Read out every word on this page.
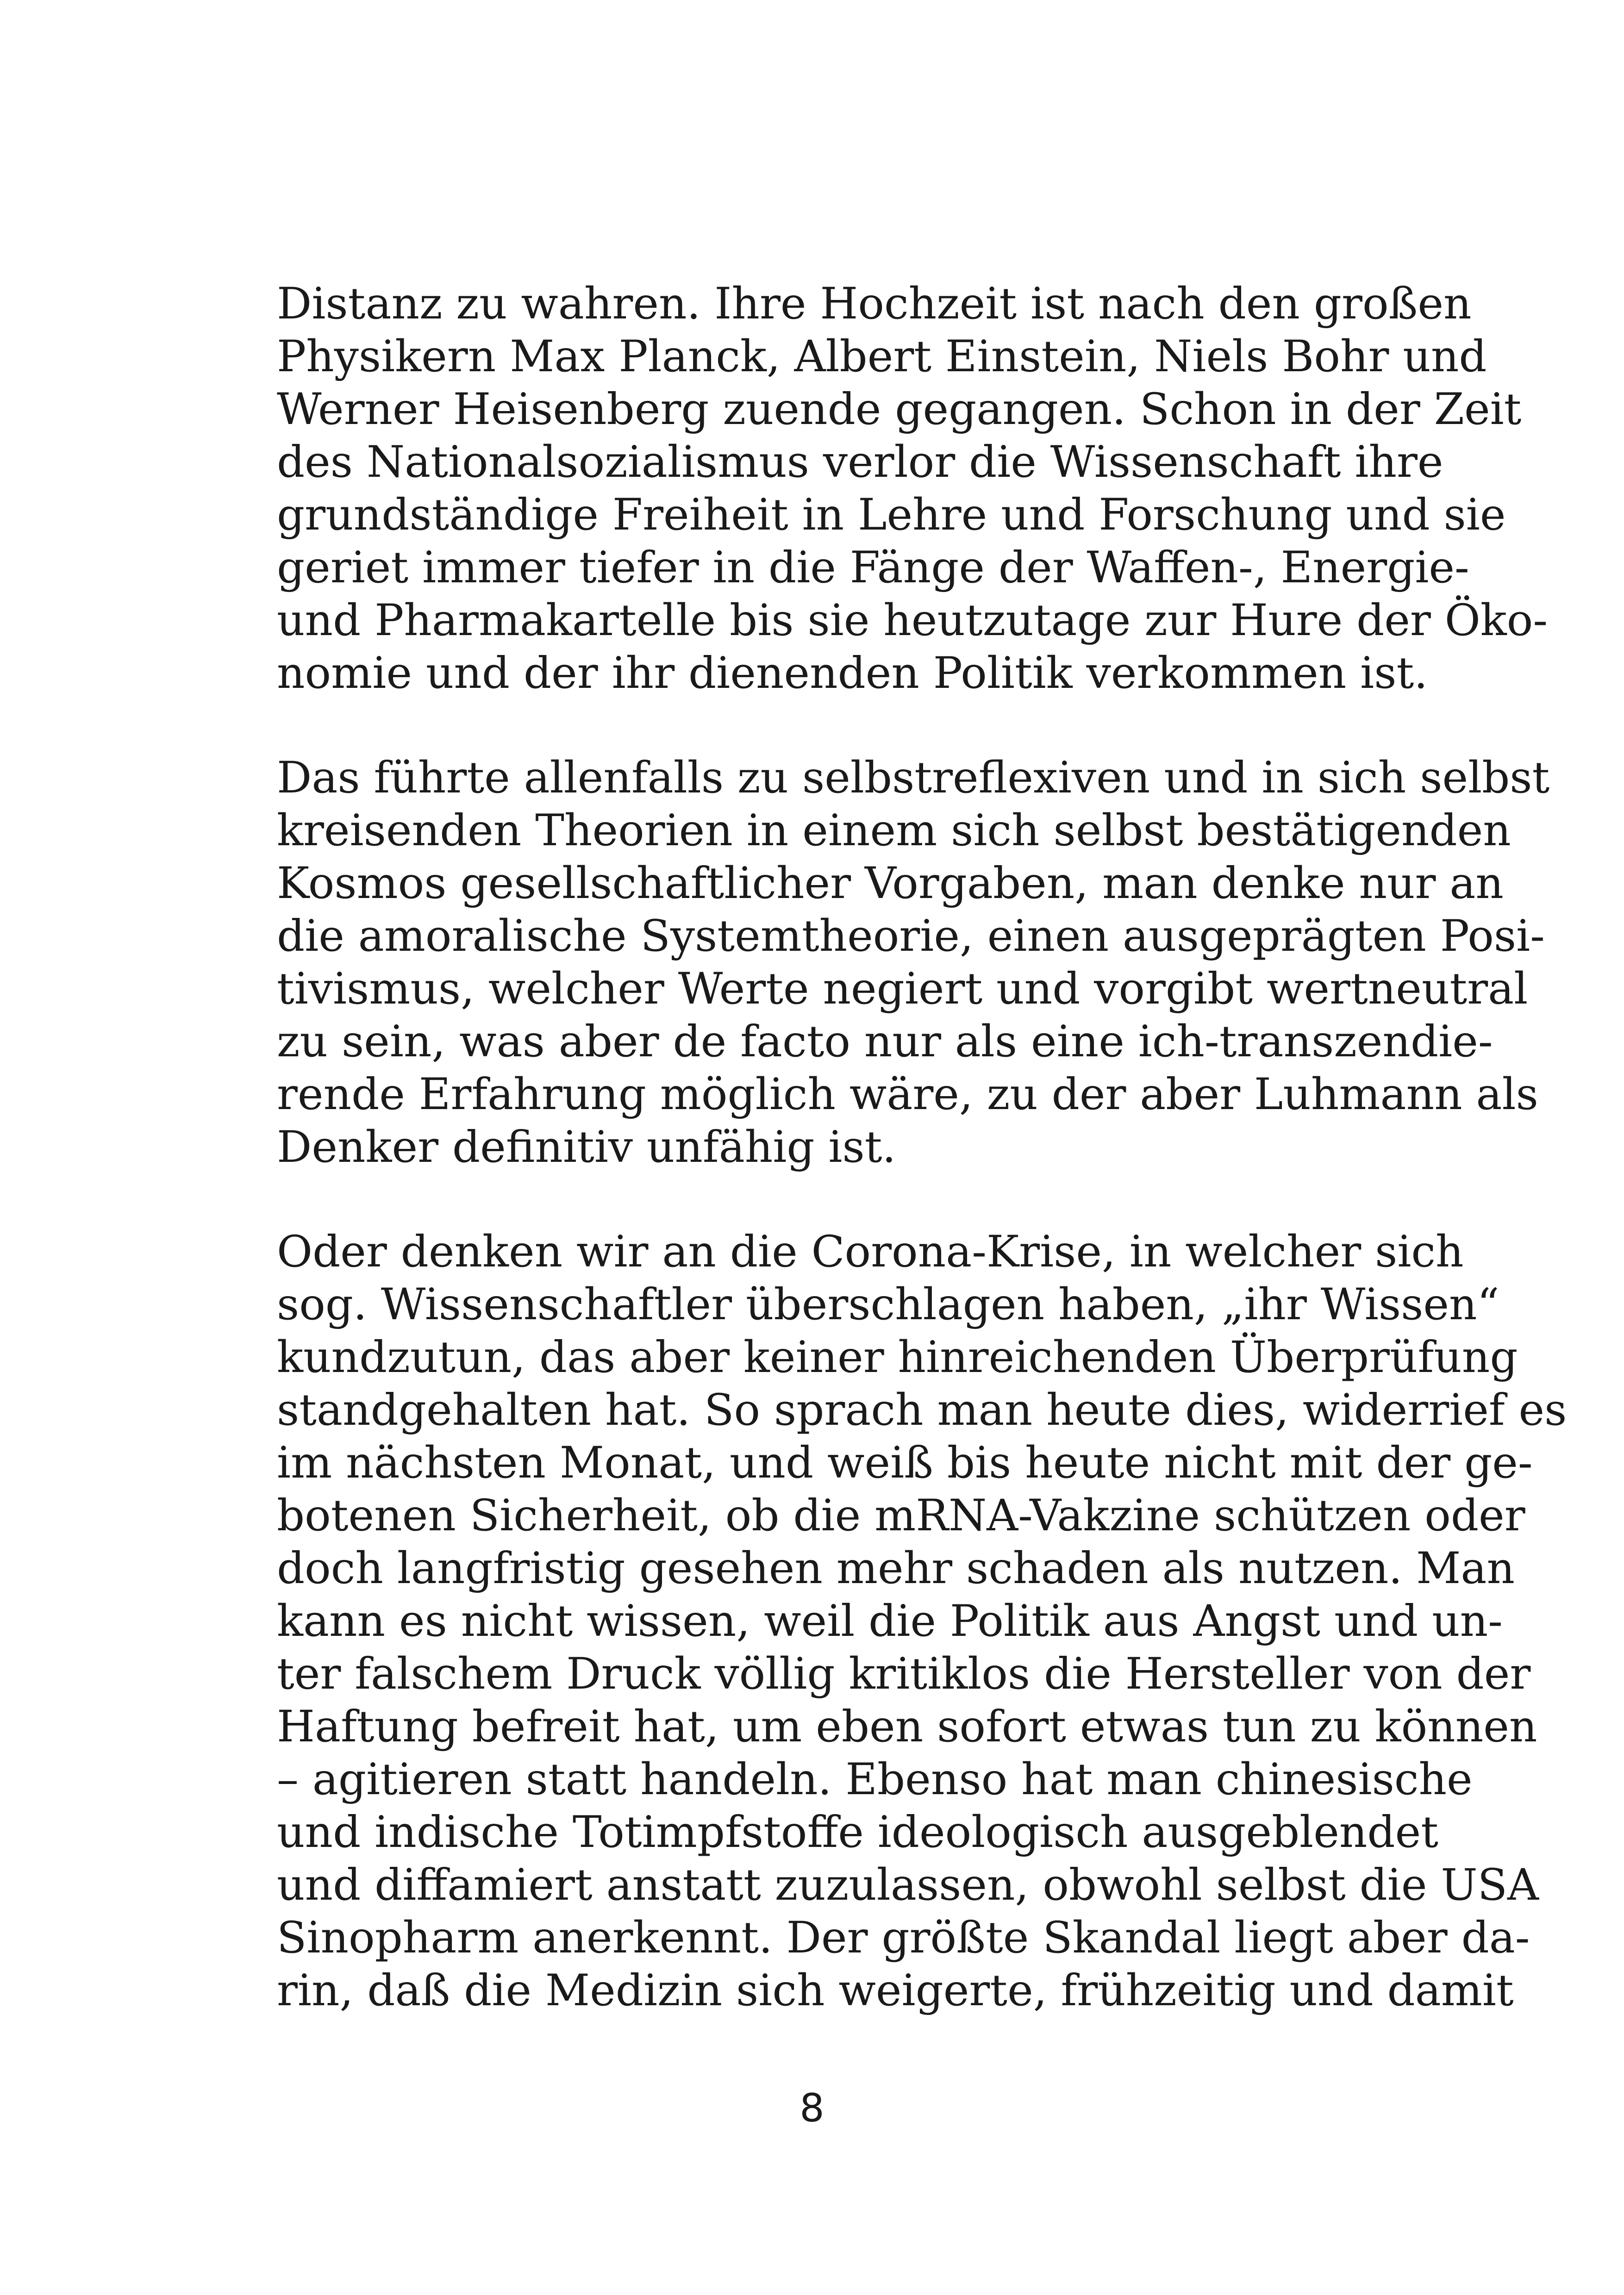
Distanz zu wahren. Ihre Hochzeit ist nach den großen
Physikern Max Planck, Albert Einstein, Niels Bohr und
Werner Heisenberg zuende gegangen. Schon in der Zeit
des Nationalsozialismus verlor die Wissenschaft ihre
grundständige Freiheit in Lehre und Forschung und sie
geriet immer tiefer in die Fänge der Waffen-, Energie-
und Pharmakartelle bis sie heutzutage zur Hure der Öko-
nomie und der ihr dienenden Politik verkommen ist.

Das führte allenfalls zu selbstreflexiven und in sich selbst
kreisenden Theorien in einem sich selbst bestätigenden
Kosmos gesellschaftlicher Vorgaben, man denke nur an
die amoralische Systemtheorie, einen ausgeprägten Posi-
tivismus, welcher Werte negiert und vorgibt wertneutral
zu sein, was aber de facto nur als eine ich-transzendie-
rende Erfahrung möglich wäre, zu der aber Luhmann als
Denker definitiv unfähig ist.

Oder denken wir an die Corona-Krise, in welcher sich
sog. Wissenschaftler überschlagen haben, „ihr Wissen“
kundzutun, das aber keiner hinreichenden Überprüfung
standgehalten hat. So sprach man heute dies, widerrief es
im nächsten Monat, und weiß bis heute nicht mit der ge-
botenen Sicherheit, ob die mRNA-Vakzine schützen oder
doch langfristig gesehen mehr schaden als nutzen. Man
kann es nicht wissen, weil die Politik aus Angst und un-
ter falschem Druck völlig kritiklos die Hersteller von der
Haftung befreit hat, um eben sofort etwas tun zu können
– agitieren statt handeln. Ebenso hat man chinesische
und indische Totimpfstoffe ideologisch ausgeblendet
und diffamiert anstatt zuzulassen, obwohl selbst die USA
Sinopharm anerkennt. Der größte Skandal liegt aber da-
rin, daß die Medizin sich weigerte, frühzeitig und damit

8
